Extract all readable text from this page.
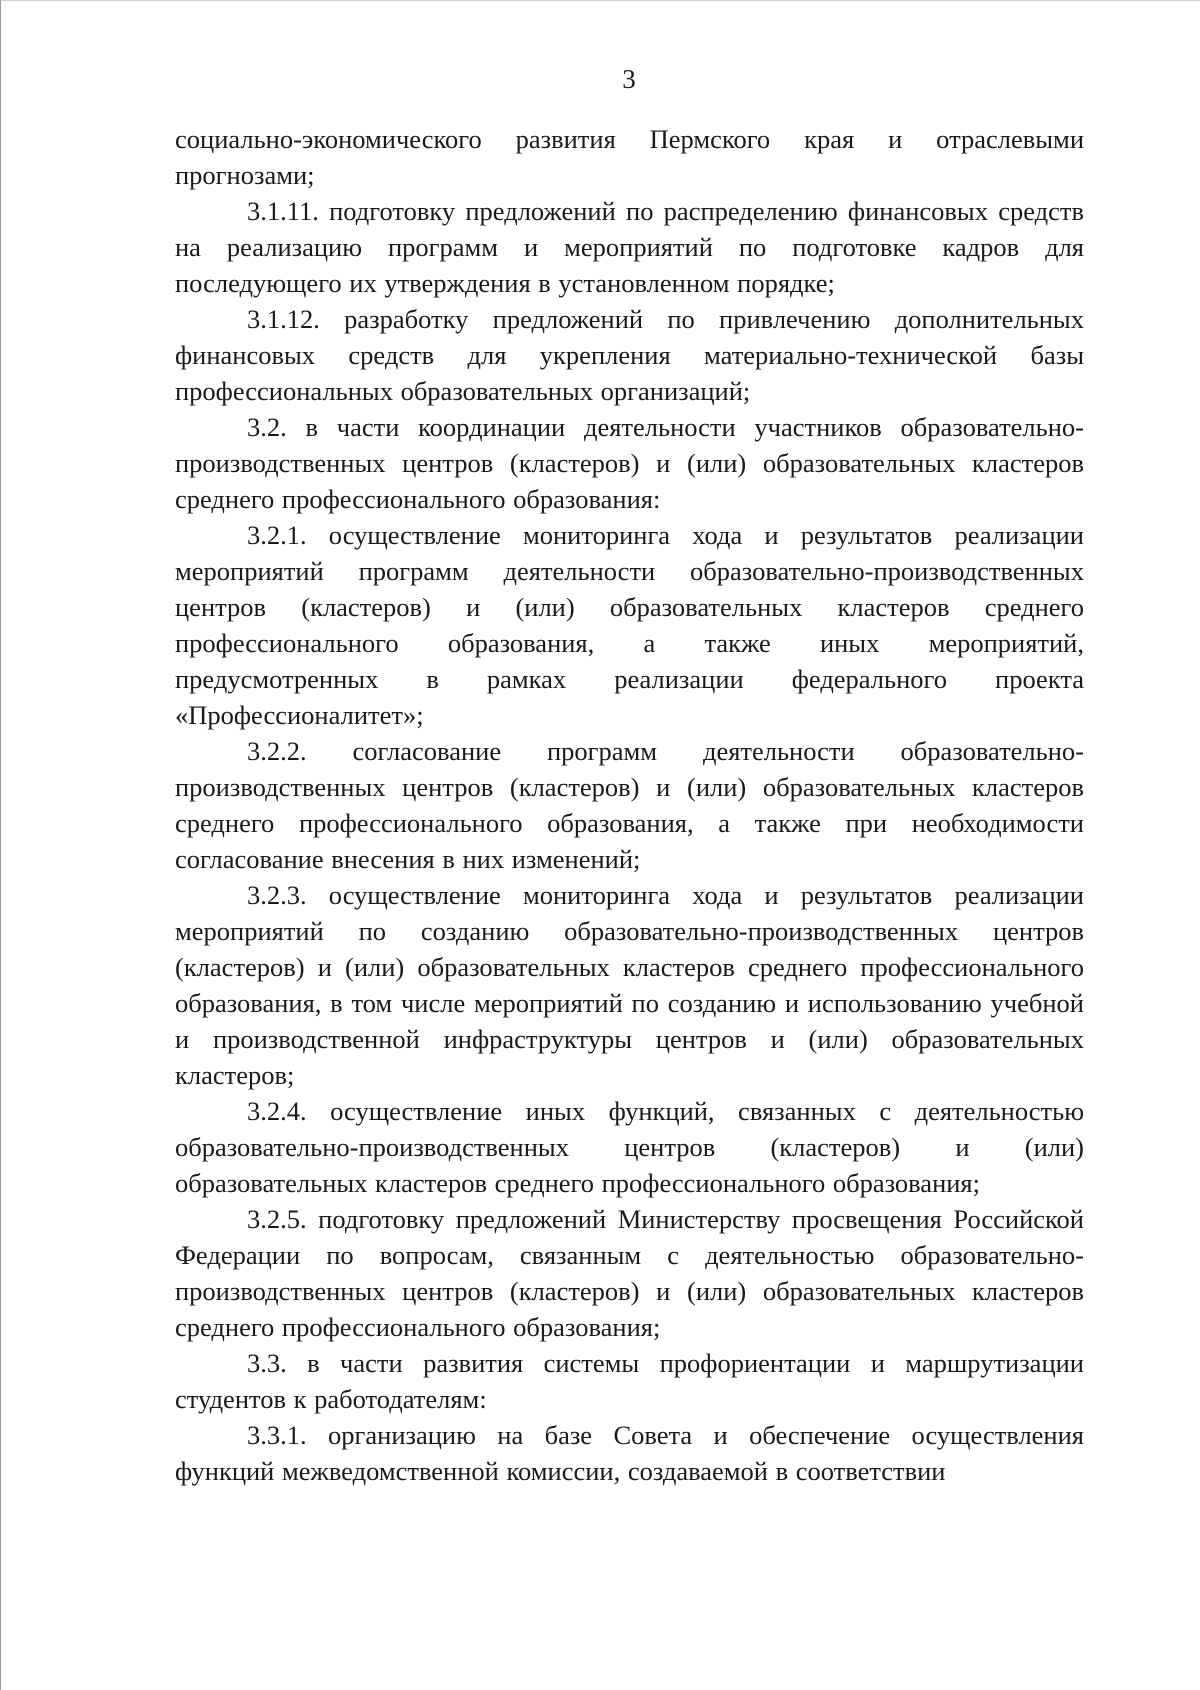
3

социально-экономического развития Пермского края и отраслевыми прогнозами;

3.1.11. подготовку предложений по распределению финансовых средств на реализацию программ и мероприятий по подготовке кадров для последующего их утверждения в установленном порядке;

3.1.12. разработку предложений по привлечению дополнительных финансовых средств для укрепления материально-технической базы профессиональных образовательных организаций;

3.2. в части координации деятельности участников образовательно-производственных центров (кластеров) и (или) образовательных кластеров среднего профессионального образования:

3.2.1. осуществление мониторинга хода и результатов реализации мероприятий программ деятельности образовательно-производственных центров (кластеров) и (или) образовательных кластеров среднего профессионального образования, а также иных мероприятий, предусмотренных в рамках реализации федерального проекта «Профессионалитет»;

3.2.2. согласование программ деятельности образовательно-производственных центров (кластеров) и (или) образовательных кластеров среднего профессионального образования, а также при необходимости согласование внесения в них изменений;

3.2.3. осуществление мониторинга хода и результатов реализации мероприятий по созданию образовательно-производственных центров (кластеров) и (или) образовательных кластеров среднего профессионального образования, в том числе мероприятий по созданию и использованию учебной и производственной инфраструктуры центров и (или) образовательных кластеров;

3.2.4. осуществление иных функций, связанных с деятельностью образовательно-производственных центров (кластеров) и (или) образовательных кластеров среднего профессионального образования;

3.2.5. подготовку предложений Министерству просвещения Российской Федерации по вопросам, связанным с деятельностью образовательно-производственных центров (кластеров) и (или) образовательных кластеров среднего профессионального образования;

3.3. в части развития системы профориентации и маршрутизации студентов к работодателям:

3.3.1. организацию на базе Совета и обеспечение осуществления функций межведомственной комиссии, создаваемой в соответствии
